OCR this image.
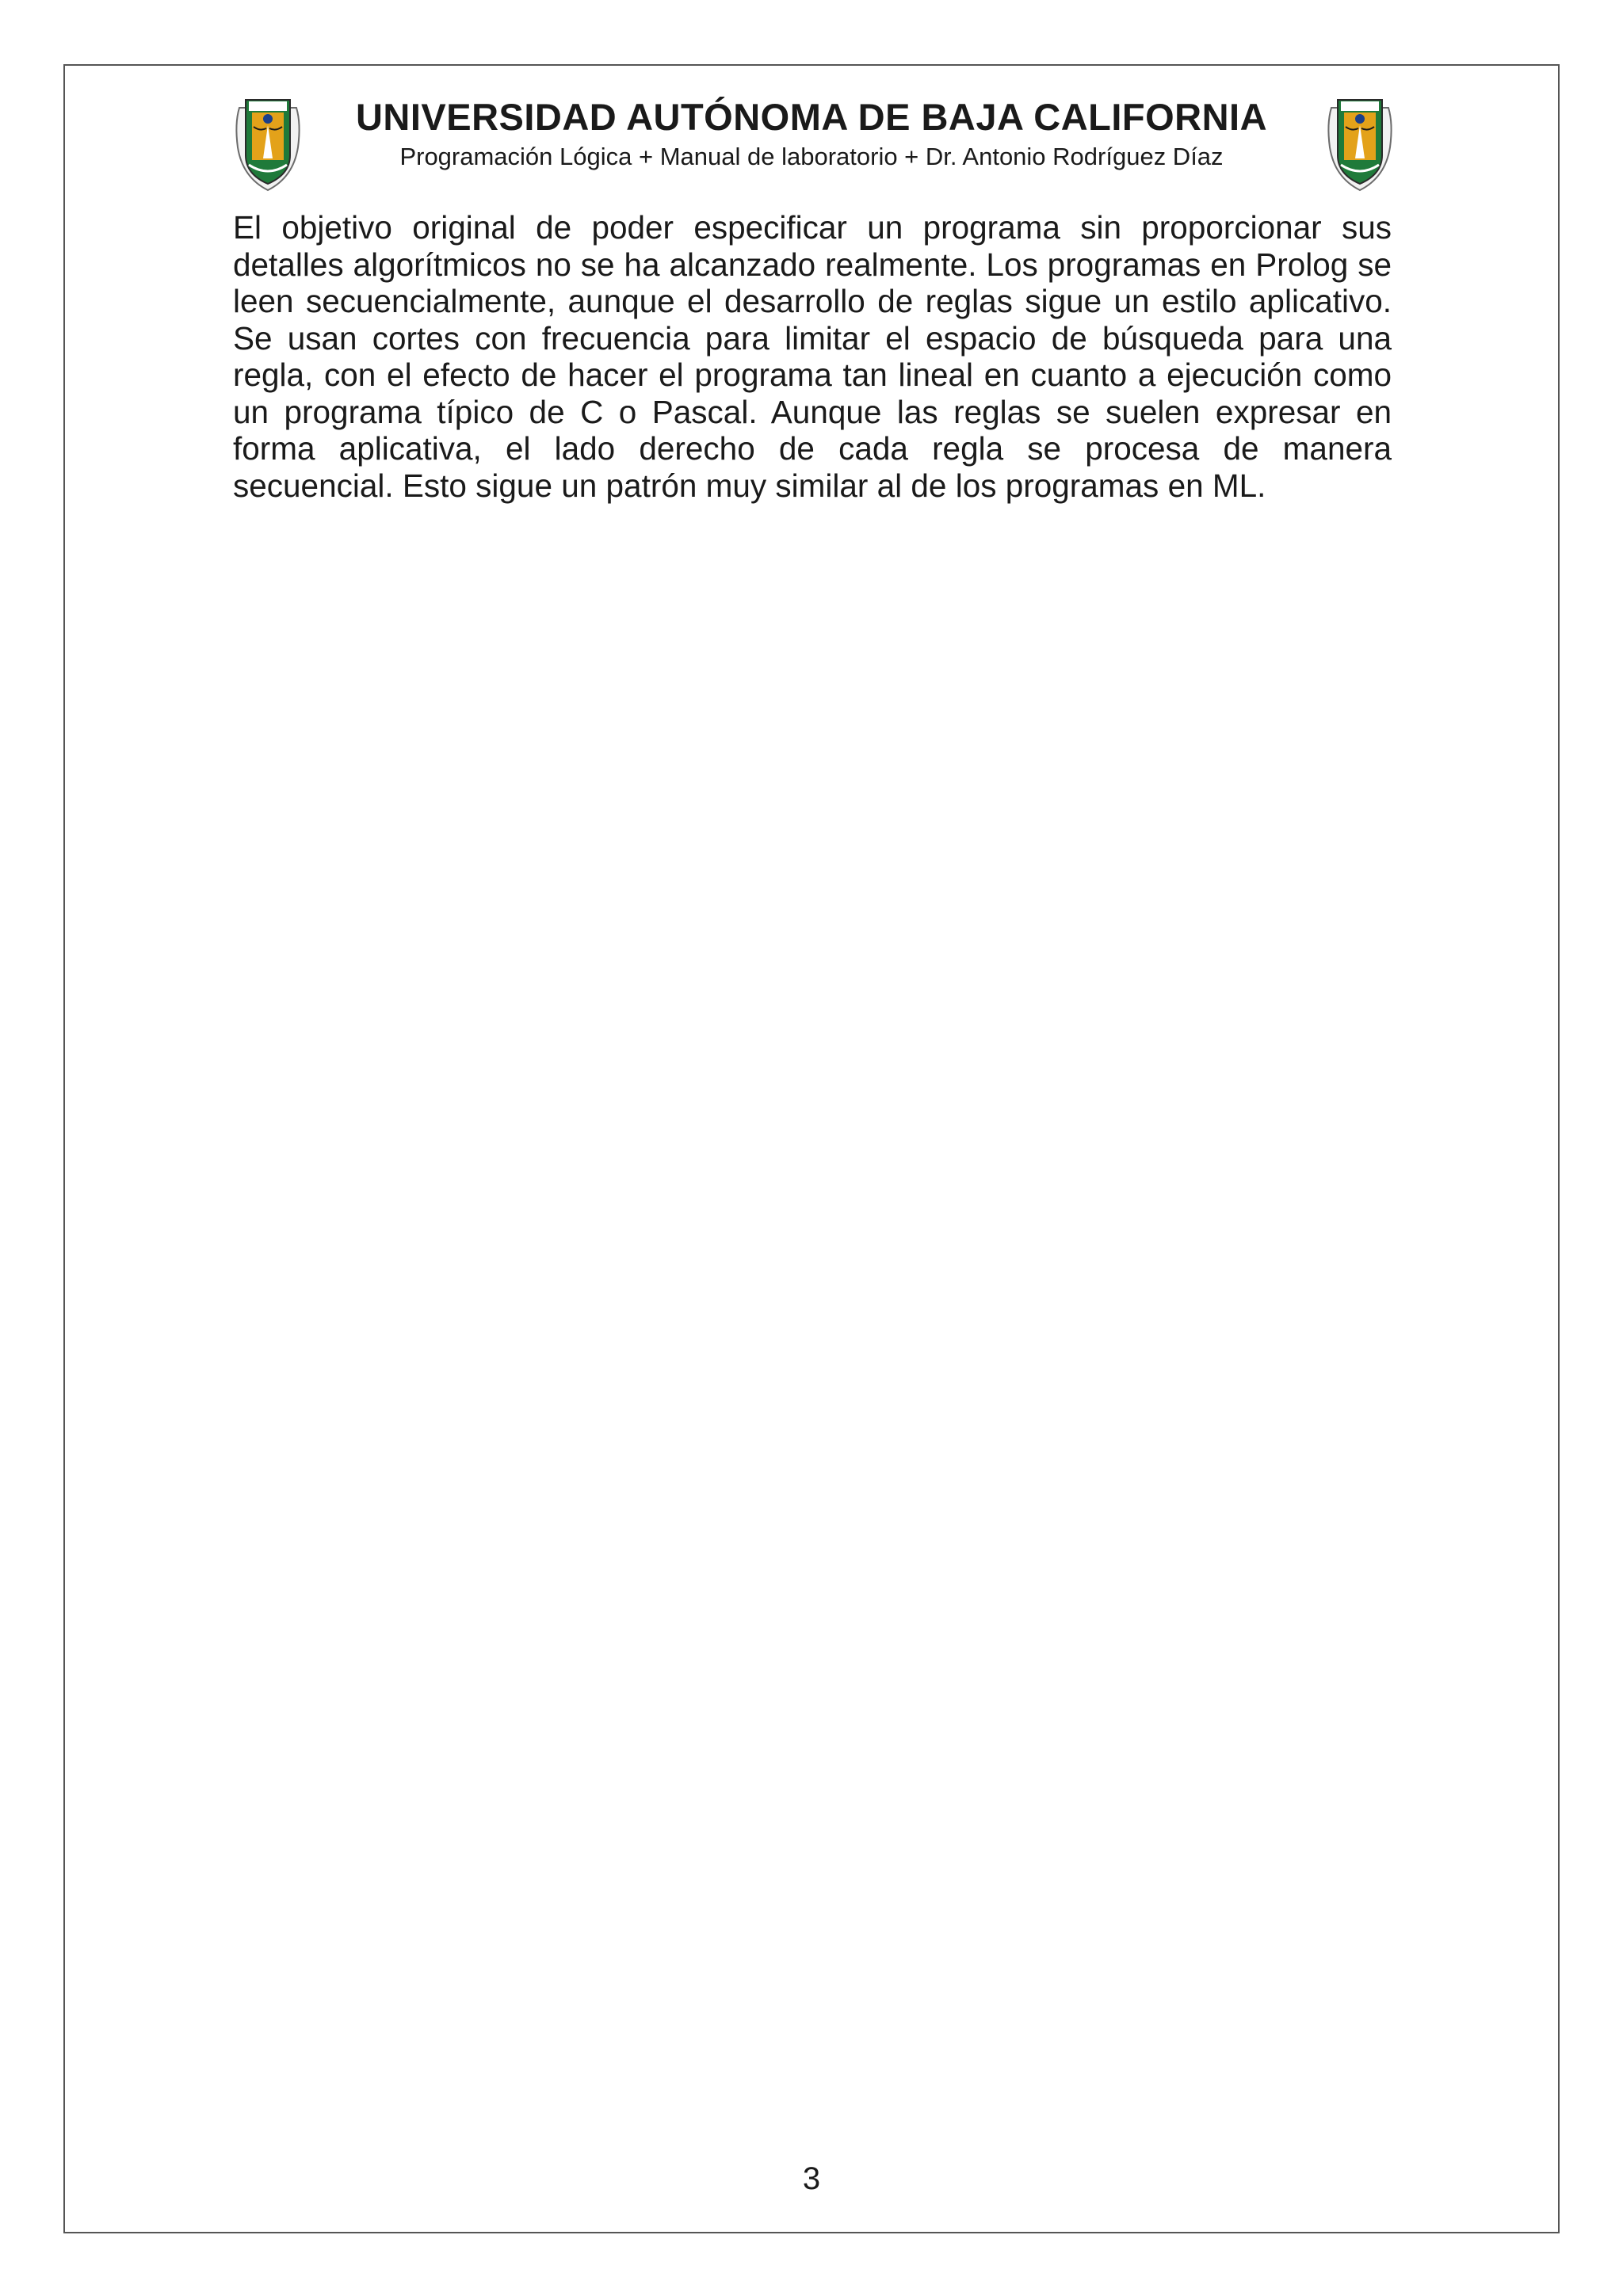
UNIVERSIDAD AUTÓNOMA DE BAJA CALIFORNIA
Programación Lógica + Manual de laboratorio + Dr. Antonio Rodríguez Díaz

El objetivo original de poder especificar un programa sin proporcionar sus detalles algorítmicos no se ha alcanzado realmente. Los programas en Prolog se leen secuencialmente, aunque el desarrollo de reglas sigue un estilo aplicativo. Se usan cortes con frecuencia para limitar el espacio de búsqueda para una regla, con el efecto de hacer el programa tan lineal en cuanto a ejecución como un programa típico de C o Pascal. Aunque las reglas se suelen expresar en forma aplicativa, el lado derecho de cada regla se procesa de manera secuencial. Esto sigue un patrón muy similar al de los programas en ML.

3
